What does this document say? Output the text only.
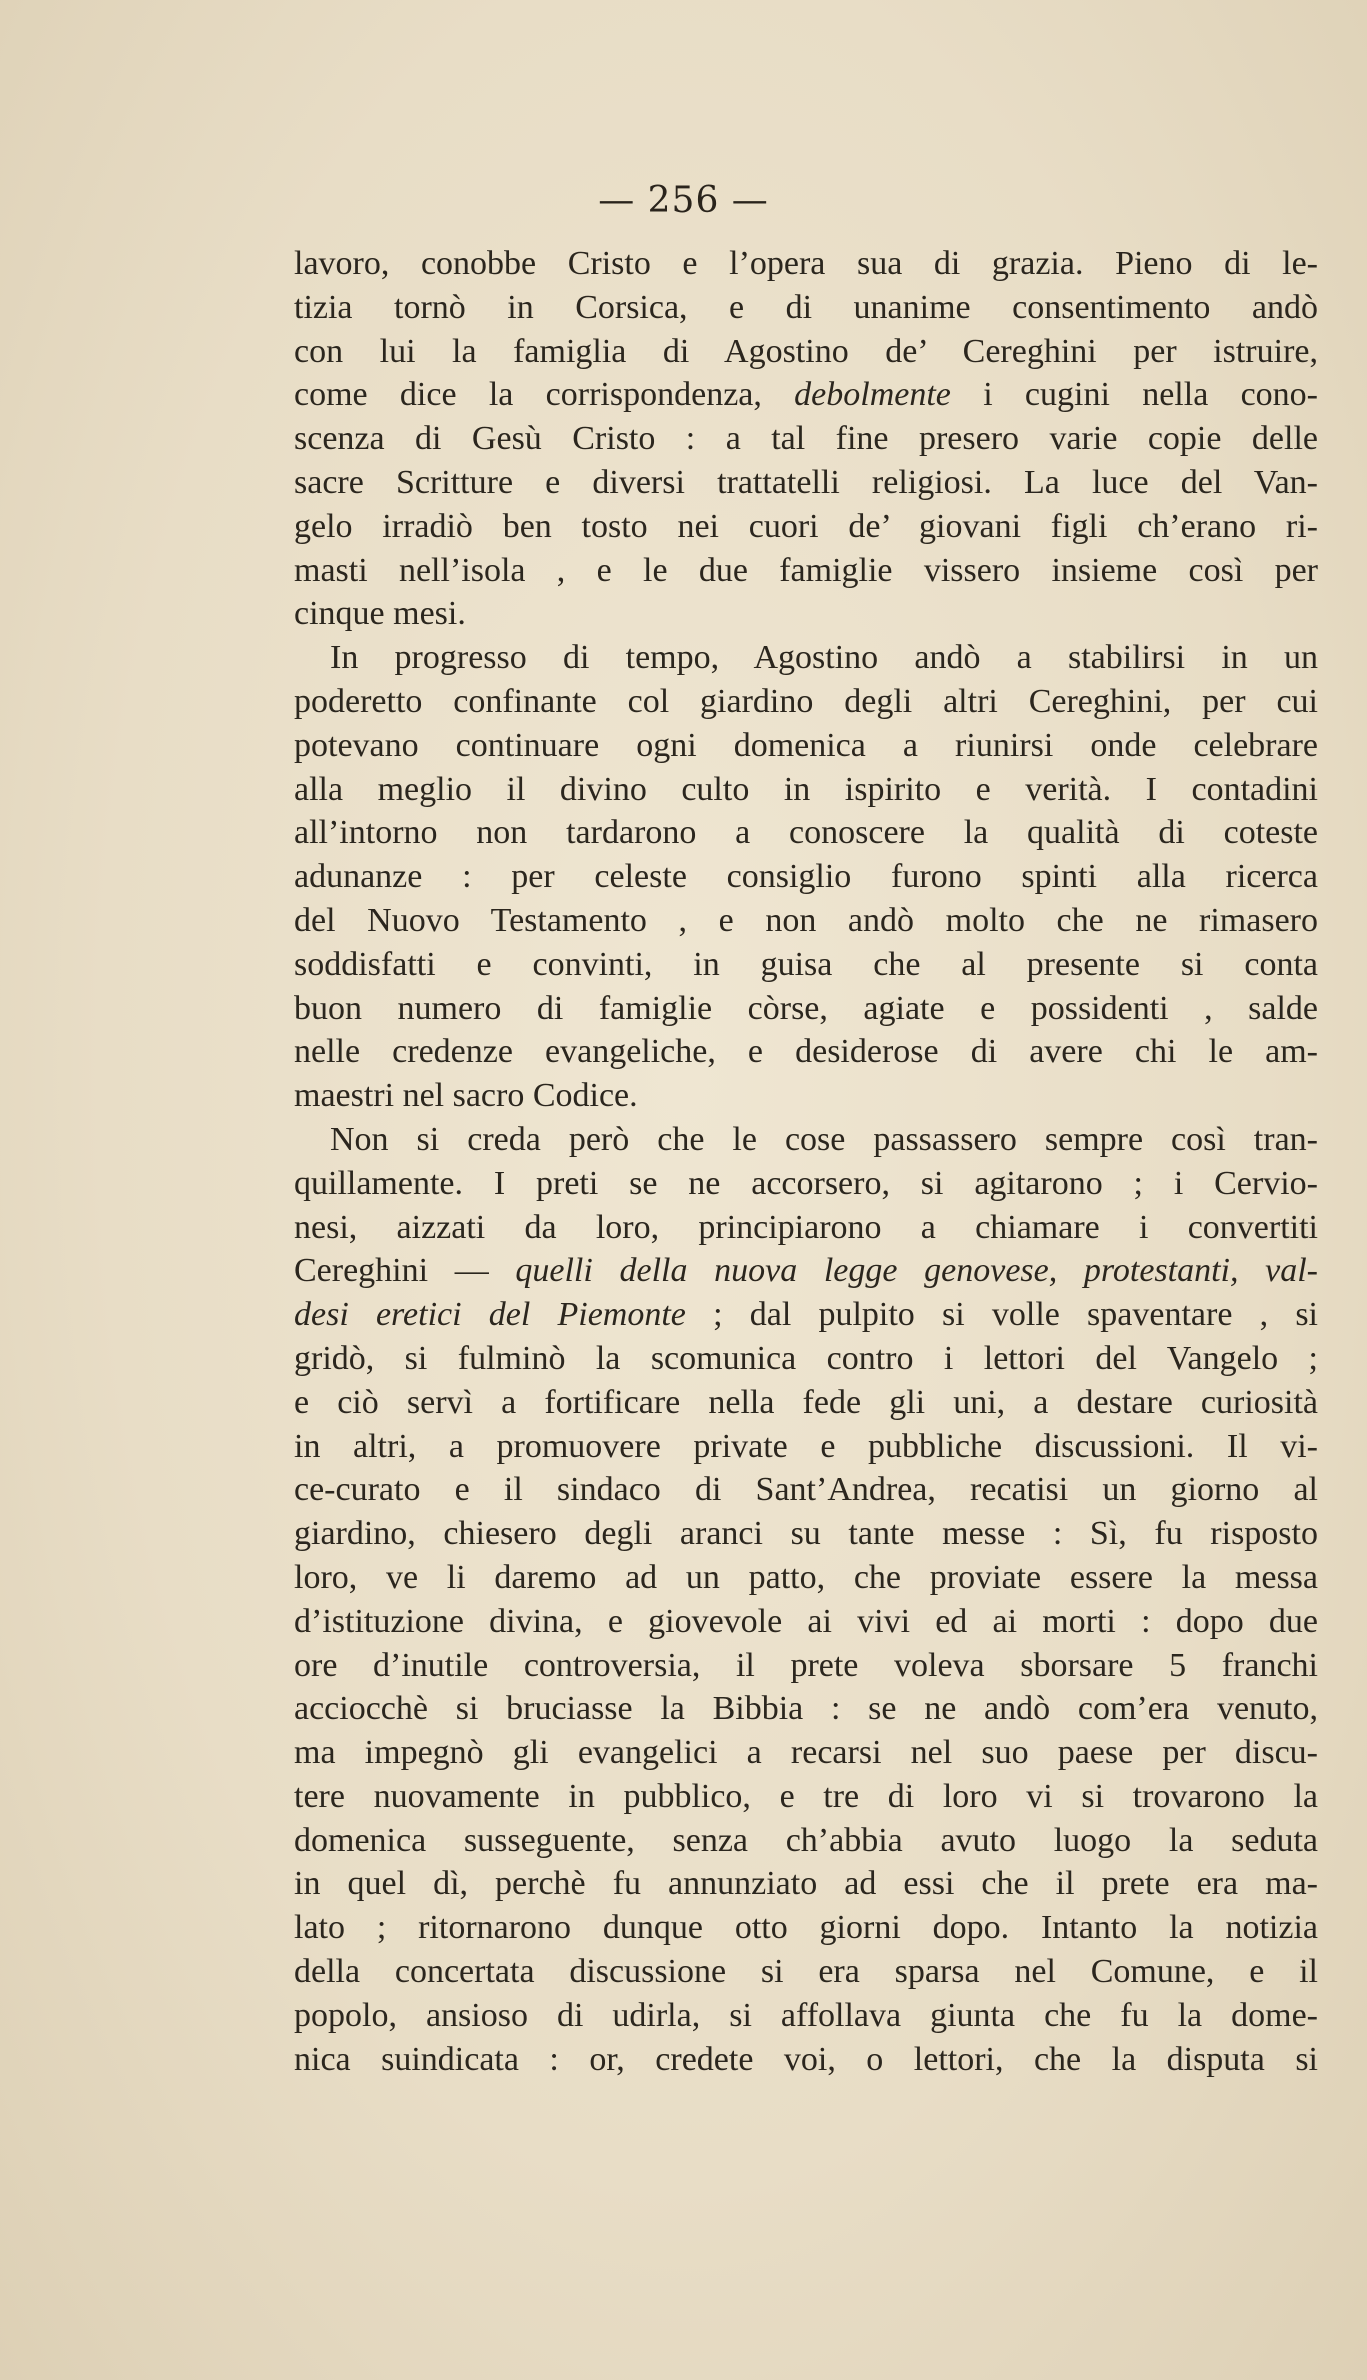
— 256 —
lavoro, conobbe Cristo e l’opera sua di grazia. Pieno di le-
tizia tornò in Corsica, e di unanime consentimento andò
con lui la famiglia di Agostino de’ Cereghini per istruire,
come dice la corrispondenza, debolmente i cugini nella cono-
scenza di Gesù Cristo : a tal fine presero varie copie delle
sacre Scritture e diversi trattatelli religiosi. La luce del Van-
gelo irradiò ben tosto nei cuori de’ giovani figli ch’erano ri-
masti nell’isola , e le due famiglie vissero insieme così per
cinque mesi.
In progresso di tempo, Agostino andò a stabilirsi in un
poderetto confinante col giardino degli altri Cereghini, per cui
potevano continuare ogni domenica a riunirsi onde celebrare
alla meglio il divino culto in ispirito e verità. I contadini
all’intorno non tardarono a conoscere la qualità di coteste
adunanze : per celeste consiglio furono spinti alla ricerca
del Nuovo Testamento , e non andò molto che ne rimasero
soddisfatti e convinti, in guisa che al presente si conta
buon numero di famiglie còrse, agiate e possidenti , salde
nelle credenze evangeliche, e desiderose di avere chi le am-
maestri nel sacro Codice.
Non si creda però che le cose passassero sempre così tran-
quillamente. I preti se ne accorsero, si agitarono ; i Cervio-
nesi, aizzati da loro, principiarono a chiamare i convertiti
Cereghini — quelli della nuova legge genovese, protestanti, val-
desi eretici del Piemonte ; dal pulpito si volle spaventare , si
gridò, si fulminò la scomunica contro i lettori del Vangelo ;
e ciò servì a fortificare nella fede gli uni, a destare curiosità
in altri, a promuovere private e pubbliche discussioni. Il vi-
ce-curato e il sindaco di Sant’Andrea, recatisi un giorno al
giardino, chiesero degli aranci su tante messe : Sì, fu risposto
loro, ve li daremo ad un patto, che proviate essere la messa
d’istituzione divina, e giovevole ai vivi ed ai morti : dopo due
ore d’inutile controversia, il prete voleva sborsare 5 franchi
acciocchè si bruciasse la Bibbia : se ne andò com’era venuto,
ma impegnò gli evangelici a recarsi nel suo paese per discu-
tere nuovamente in pubblico, e tre di loro vi si trovarono la
domenica susseguente, senza ch’abbia avuto luogo la seduta
in quel dì, perchè fu annunziato ad essi che il prete era ma-
lato ; ritornarono dunque otto giorni dopo. Intanto la notizia
della concertata discussione si era sparsa nel Comune, e il
popolo, ansioso di udirla, si affollava giunta che fu la dome-
nica suindicata : or, credete voi, o lettori, che la disputa si
